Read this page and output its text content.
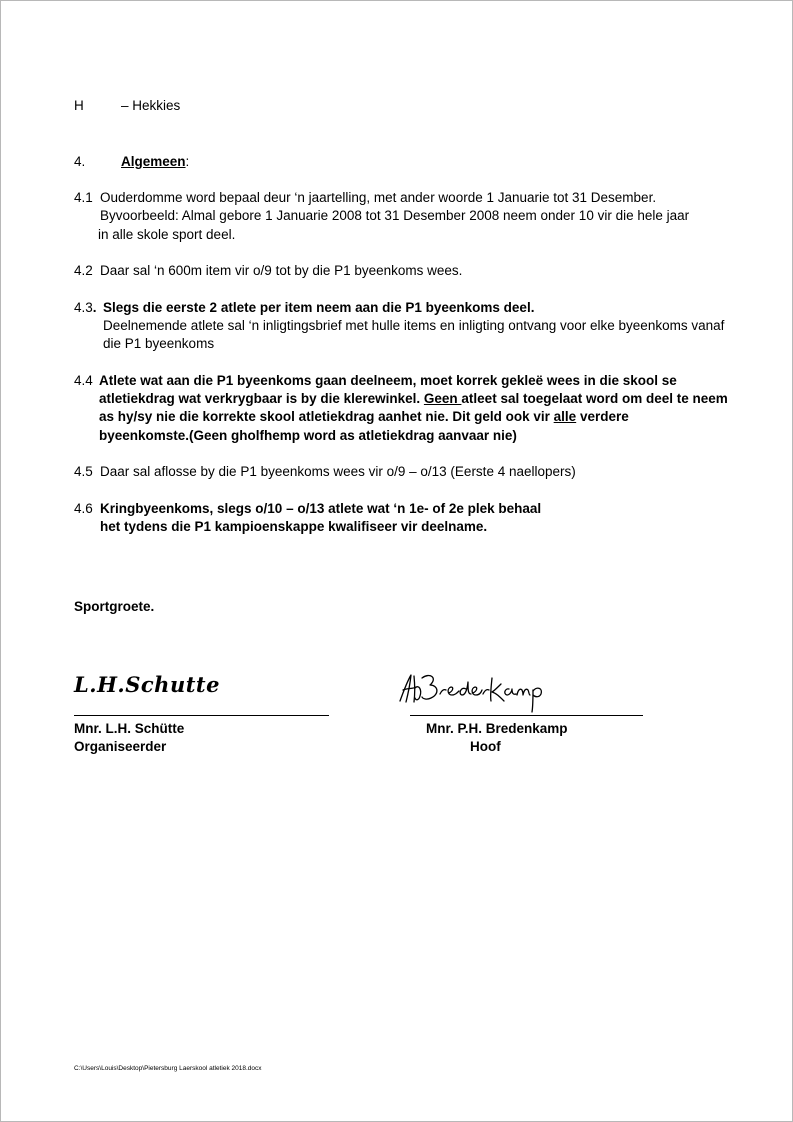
H	– Hekkies
4.	Algemeen:
4.1 Ouderdomme word bepaal deur ‘n jaartelling, met ander woorde 1 Januarie tot 31 Desember.
Byvoorbeeld: Almal gebore 1 Januarie 2008 tot 31 Desember 2008 neem onder 10 vir die hele jaar
in alle skole sport deel.
4.2 Daar sal ‘n 600m item vir o/9 tot by die P1 byeenkoms wees.
4.3. Slegs die eerste 2 atlete per item neem aan die P1 byeenkoms deel.
Deelnemende atlete sal ‘n inligtingsbrief met hulle items en inligting ontvang voor elke byeenkoms vanaf
die P1 byeenkoms
4.4 Atlete wat aan die P1 byeenkoms gaan deelneem, moet korrek gekleë wees in die skool se
atletiekdrag wat verkrygbaar is by die klerewinkel. Geen atleet sal toegelaat word om deel te neem
as hy/sy nie die korrekte skool atletiekdrag aanhet nie. Dit geld ook vir alle verdere
byeenkomste.(Geen gholfhemp word as atletiekdrag aanvaar nie)
4.5 Daar sal aflosse by die P1 byeenkoms wees vir o/9 – o/13 (Eerste 4 naellopers)
4.6 Kringbyeenkoms, slegs o/10 – o/13 atlete wat ‘n 1e- of 2e plek behaal
het tydens die P1 kampioenskappe kwalifiseer vir deelname.
Sportgroete.
L.H.Schutte
Mnr. L.H. Schütte
Organiseerder
Mnr. P.H. Bredenkamp
Hoof
C:\Users\Louis\Desktop\Pietersburg Laerskool atletiek 2018.docx
